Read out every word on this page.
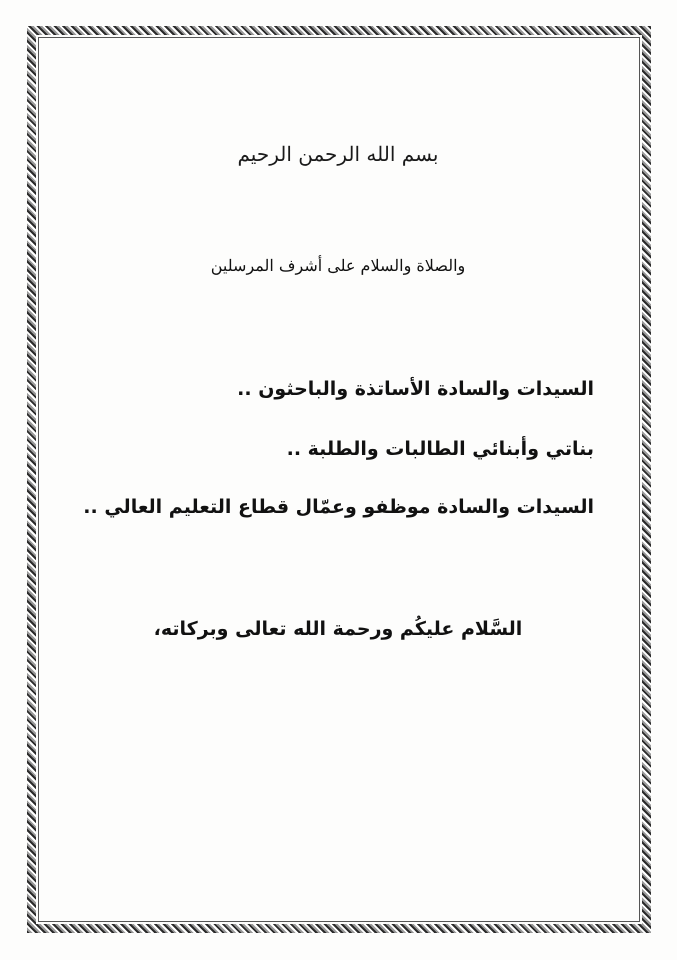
بسم الله الرحمن الرحيم
والصلاة والسلام على أشرف المرسلين
السيدات والسادة الأساتذة والباحثون ..
بناتي وأبنائي الطالبات والطلبة ..
السيدات والسادة موظفو وعمّال قطاع التعليم العالي ..
السَّلام عليكُم ورحمة الله تعالى وبركاته،
